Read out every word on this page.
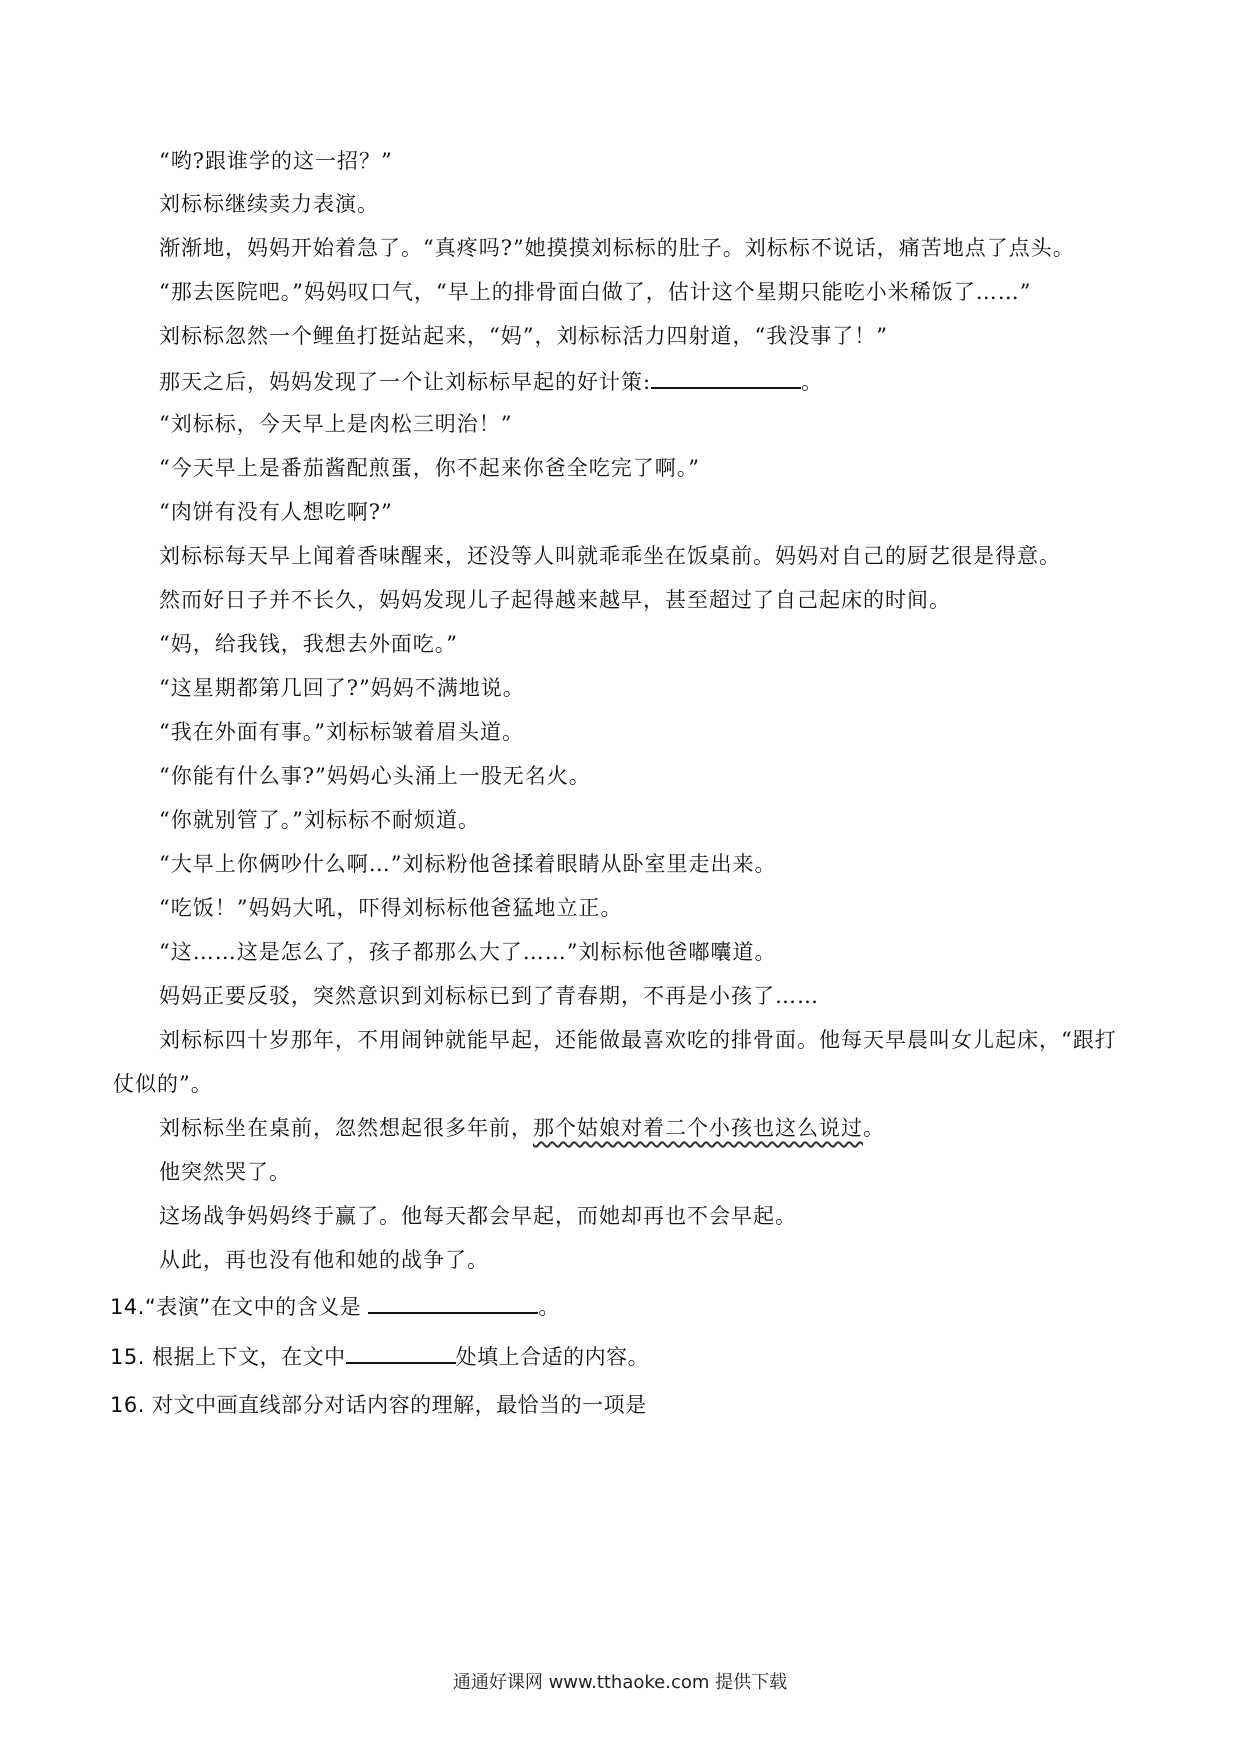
“哟?跟谁学的这一招？”
刘标标继续卖力表演。
渐渐地，妈妈开始着急了。“真疼吗?”她摸摸刘标标的肚子。刘标标不说话，痛苦地点了点头。
“那去医院吧。”妈妈叹口气，“早上的排骨面白做了，估计这个星期只能吃小米稀饭了……”
刘标标忽然一个鲤鱼打挺站起来，“妈”，刘标标活力四射道，“我没事了！”
那天之后，妈妈发现了一个让刘标标早起的好计策:	。
“刘标标，今天早上是肉松三明治！”
“今天早上是番茄酱配煎蛋，你不起来你爸全吃完了啊。”
“肉饼有没有人想吃啊?”
刘标标每天早上闻着香味醒来，还没等人叫就乖乖坐在饭桌前。妈妈对自己的厨艺很是得意。
然而好日子并不长久，妈妈发现儿子起得越来越早，甚至超过了自己起床的时间。
“妈，给我钱，我想去外面吃。”
“这星期都第几回了?”妈妈不满地说。
“我在外面有事。”刘标标皱着眉头道。
“你能有什么事?”妈妈心头涌上一股无名火。
“你就别管了。”刘标标不耐烦道。
“大早上你俩吵什么啊…”刘标粉他爸揉着眼睛从卧室里走出来。
“吃饭！”妈妈大吼，吓得刘标标他爸猛地立正。
“这……这是怎么了，孩子都那么大了……”刘标标他爸嘟囔道。
妈妈正要反驳，突然意识到刘标标已到了青春期，不再是小孩了……
刘标标四十岁那年，不用闹钟就能早起，还能做最喜欢吃的排骨面。他每天早晨叫女儿起床，“跟打
仗似的”。
刘标标坐在桌前，忽然想起很多年前，那个姑娘对着二个小孩也这么说过。
他突然哭了。
这场战争妈妈终于赢了。他每天都会早起，而她却再也不会早起。
从此，再也没有他和她的战争了。
14.“表演”在文中的含义是	。
15. 根据上下文，在文中	处填上合适的内容。
16. 对文中画直线部分对话内容的理解，最恰当的一项是
通通好课网 www.tthaoke.com 提供下载
